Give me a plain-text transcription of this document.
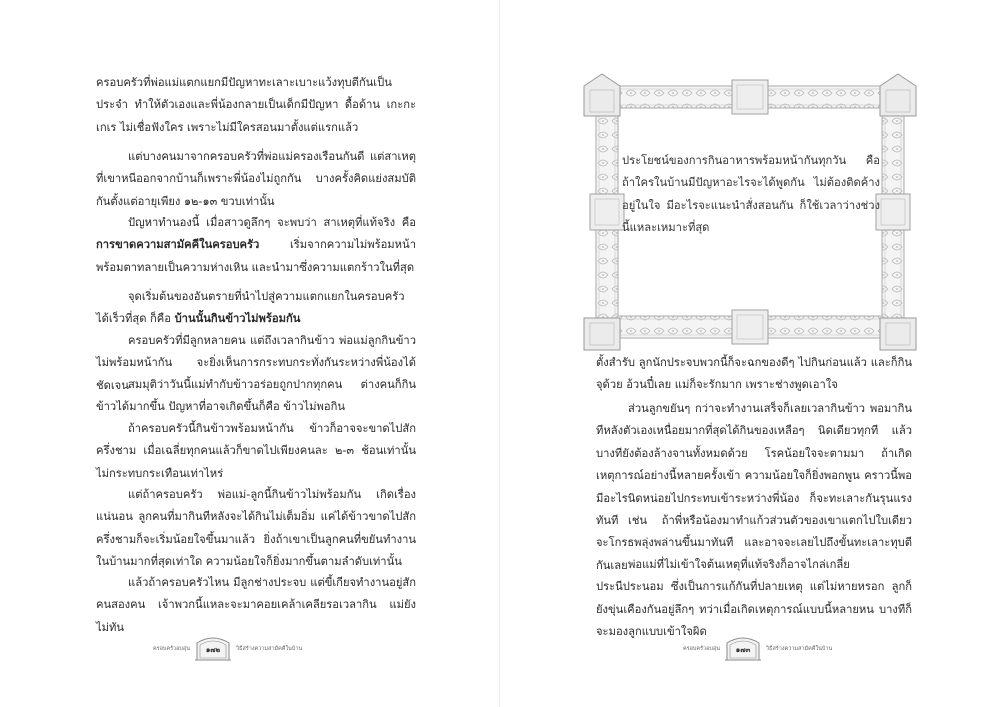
ครอบครัวที่พ่อแม่แตกแยกมีปัญหาทะเลาะเบาะแว้งทุบตีกันเป็นประจำ ทำให้ตัวเองและพี่น้องกลายเป็นเด็กมีปัญหา ดื้อด้าน เกะกะเกเร ไม่เชื่อฟังใคร เพราะไม่มีใครสอนมาตั้งแต่แรกแล้ว

แต่บางคนมาจากครอบครัวที่พ่อแม่ครองเรือนกันดี แต่สาเหตุที่เขาหนีออกจากบ้านก็เพราะพี่น้องไม่ถูกกัน บางครั้งคิดแย่งสมบัติกันตั้งแต่อายุเพียง ๑๒-๑๓ ขวบเท่านั้น

ปัญหาทำนองนี้ เมื่อสาวดูลึกๆ จะพบว่า สาเหตุที่แท้จริง คือ การขาดความสามัคคีในครอบครัว เริ่มจากความไม่พร้อมหน้าพร้อมตาทลายเป็นความห่างเหิน และนำมาซึ่งความแตกร้าวในที่สุด

จุดเริ่มต้นของอันตรายที่นำไปสู่ความแตกแยกในครอบครัวได้เร็วที่สุด ก็คือ บ้านนั้นกินข้าวไม่พร้อมกัน

ครอบครัวที่มีลูกหลายคน แต่ถึงเวลากินข้าว พ่อแม่ลูกกินข้าวไม่พร้อมหน้ากัน จะยิ่งเห็นการกระทบกระทั่งกันระหว่างพี่น้องได้ชัดเจน สมมุติว่าวันนี้แม่ทำกับข้าวอร่อยถูกปากทุกคน ต่างคนก็กินข้าวได้มากขึ้น ปัญหาที่อาจเกิดขึ้นก็คือ ข้าวไม่พอกิน

ถ้าครอบครัวนี้กินข้าวพร้อมหน้ากัน ข้าวก็อาจจะขาดไปสักครึ่งชาม เมื่อเฉลี่ยทุกคนแล้วก็ขาดไปเพียงคนละ ๒-๓ ช้อนเท่านั้น ไม่กระทบกระเทือนเท่าไหร่

แต่ถ้าครอบครัว พ่อแม่-ลูกนี้กินข้าวไม่พร้อมกัน เกิดเรื่องแน่นอน ลูกคนที่มากินทีหลังจะได้กินไม่เต็มอิ่ม แค่ได้ข้าวขาดไปสักครึ่งชามก็จะเริ่มน้อยใจขึ้นมาแล้ว ยิ่งถ้าเขาเป็นลูกคนที่ขยันทำงานในบ้านมากที่สุดเท่าใด ความน้อยใจก็ยิ่งมากขึ้นตามลำดับเท่านั้น

แล้วถ้าครอบครัวไหน มีลูกช่างประจบ แต่ขี้เกียจทำงานอยู่สักคนสองคน เจ้าพวกนี้แหละจะมาคอยเคล้าเคลียรอเวลากิน แม่ยังไม่ทัน

ครอบครัวอบอุ่น	๑๗๒	วิธีสร้างความสามัคคีในบ้าน

ประโยชน์ของการกินอาหารพร้อมหน้ากันทุกวัน คือ ถ้าใครในบ้านมีปัญหาอะไรจะได้พูดกัน ไม่ต้องติดค้างอยู่ในใจ มีอะไรจะแนะนำสั่งสอนกัน ก็ใช้เวลาว่างช่วงนี้แหละเหมาะที่สุด

ตั้งสำรับ ลูกนักประจบพวกนี้ก็จะฉกของดีๆ ไปกินก่อนแล้ว และก็กินจุด้วย อ้วนปี๋เลย แม่ก็จะรักมาก เพราะช่างพูดเอาใจ

ส่วนลูกขยันๆ กว่าจะทำงานเสร็จก็เลยเวลากินข้าว พอมากินทีหลังตัวเองเหนื่อยมากที่สุดได้กินของเหลือๆ นิดเดียวทุกที แล้วบางทียังต้องล้างจานทั้งหมดด้วย โรคน้อยใจจะตามมา ถ้าเกิดเหตุการณ์อย่างนี้หลายครั้งเข้า ความน้อยใจก็ยิ่งพอกพูน คราวนี้พอมีอะไรนิดหน่อยไปกระทบเข้าระหว่างพี่น้อง ก็จะทะเลาะกันรุนแรงทันที เช่น ถ้าพี่หรือน้องมาทำแก้วส่วนตัวของเขาแตกไปใบเดียว จะโกรธพลุ่งพล่านขึ้นมาทันที และอาจจะเลยไปถึงขั้นทะเลาะทุบตีกันเลย พ่อแม่ที่ไม่เข้าใจต้นเหตุที่แท้จริงก็อาจไกล่เกลี่ยประนีประนอม ซึ่งเป็นการแก้กันที่ปลายเหตุ แต่ไม่หายหรอก ลูกก็ยังขุ่นเคืองกันอยู่ลึกๆ ทว่าเมื่อเกิดเหตุการณ์แบบนี้หลายหน บางทีก็จะมองลูกแบบเข้าใจผิด

ครอบครัวอบอุ่น	๑๗๓	วิธีสร้างความสามัคคีในบ้าน
